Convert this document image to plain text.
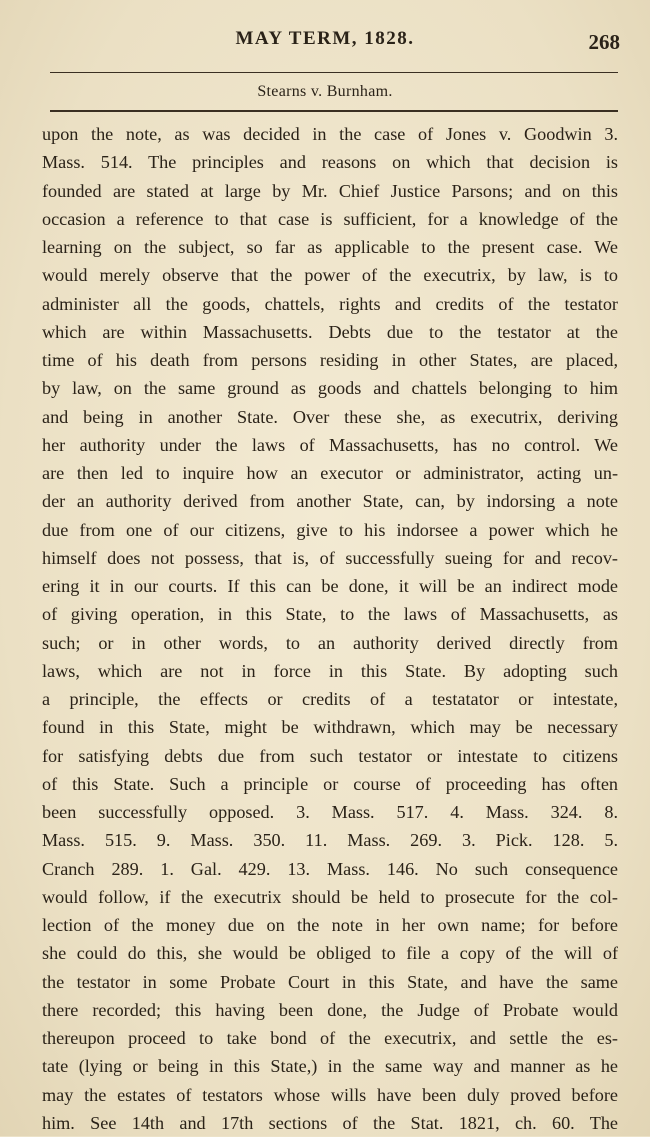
MAY TERM, 1828.	268
Stearns v. Burnham.
upon the note, as was decided in the case of Jones v. Goodwin 3.
Mass. 514. The principles and reasons on which that decision is
founded are stated at large by Mr. Chief Justice Parsons; and on this
occasion a reference to that case is sufficient, for a knowledge of the
learning on the subject, so far as applicable to the present case. We
would merely observe that the power of the executrix, by law, is to
administer all the goods, chattels, rights and credits of the testator
which are within Massachusetts. Debts due to the testator at the
time of his death from persons residing in other States, are placed,
by law, on the same ground as goods and chattels belonging to him
and being in another State. Over these she, as executrix, deriving
her authority under the laws of Massachusetts, has no control. We
are then led to inquire how an executor or administrator, acting un-
der an authority derived from another State, can, by indorsing a note
due from one of our citizens, give to his indorsee a power which he
himself does not possess, that is, of successfully sueing for and recov-
ering it in our courts. If this can be done, it will be an indirect mode
of giving operation, in this State, to the laws of Massachusetts, as
such; or in other words, to an authority derived directly from
laws, which are not in force in this State. By adopting such
a principle, the effects or credits of a testatator or intestate,
found in this State, might be withdrawn, which may be necessary
for satisfying debts due from such testator or intestate to citizens
of this State. Such a principle or course of proceeding has often
been successfully opposed. 3. Mass. 517. 4. Mass. 324. 8.
Mass. 515. 9. Mass. 350. 11. Mass. 269. 3. Pick. 128. 5.
Cranch 289. 1. Gal. 429. 13. Mass. 146. No such consequence
would follow, if the executrix should be held to prosecute for the col-
lection of the money due on the note in her own name; for before
she could do this, she would be obliged to file a copy of the will of
the testator in some Probate Court in this State, and have the same
there recorded; this having been done, the Judge of Probate would
thereupon proceed to take bond of the executrix, and settle the es-
tate (lying or being in this State,) in the same way and manner as he
may the estates of testators whose wills have been duly proved before
him. See 14th and 17th sections of the Stat. 1821, ch. 60. The
